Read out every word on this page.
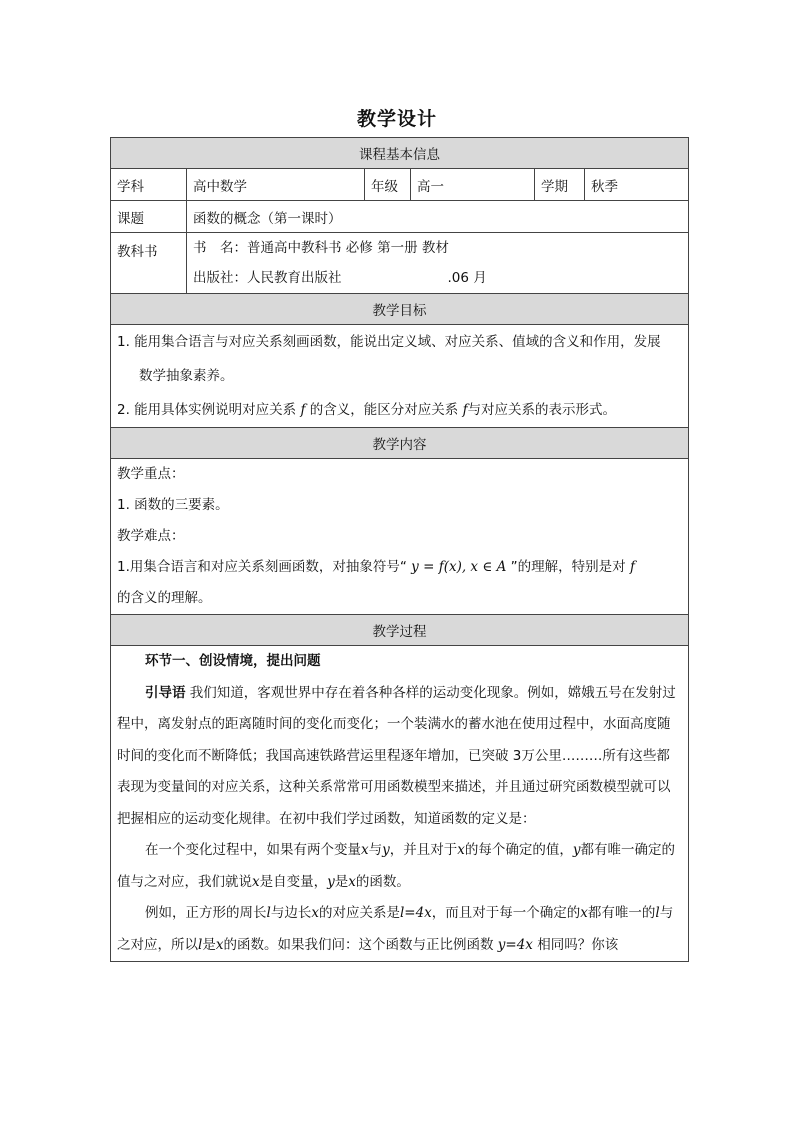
教学设计
课程基本信息					
学科	高中数学	年级	高一	学期	秋季
课题	函数的概念（第一课时）				
教科书	书　名：普通高中教科书 必修 第一册 教材
出版社：人民教育出版社 .06 月				

教学目标					

1. 能用集合语言与对应关系刻画函数，能说出定义域、对应关系、值域的含义和作用，发展
数学抽象素养。
2. 能用具体实例说明对应关系 f 的含义，能区分对应关系 f与对应关系的表示形式。					

教学内容					

教学重点：
1. 函数的三要素。
教学难点：
1.用集合语言和对应关系刻画函数，对抽象符号“ y = f(x), x ∈ A ”的理解，特别是对 f
的含义的理解。					

教学过程					

环节一、创设情境，提出问题

引导语 我们知道，客观世界中存在着各种各样的运动变化现象。例如，嫦娥五号在发射过程中，离发射点的距离随时间的变化而变化；一个装满水的蓄水池在使用过程中，水面高度随时间的变化而不断降低；我国高速铁路营运里程逐年增加，已突破 3万公里………所有这些都表现为变量间的对应关系，这种关系常常可用函数模型来描述，并且通过研究函数模型就可以把握相应的运动变化规律。在初中我们学过函数，知道函数的定义是：

在一个变化过程中，如果有两个变量x与y，并且对于x的每个确定的值，y都有唯一确定的值与之对应，我们就说x是自变量，y是x的函数。

例如，正方形的周长l与边长x的对应关系是l=4x，而且对于每一个确定的x都有唯一的l与之对应，所以l是x的函数。如果我们问：这个函数与正比例函数 y=4x 相同吗？你该					
